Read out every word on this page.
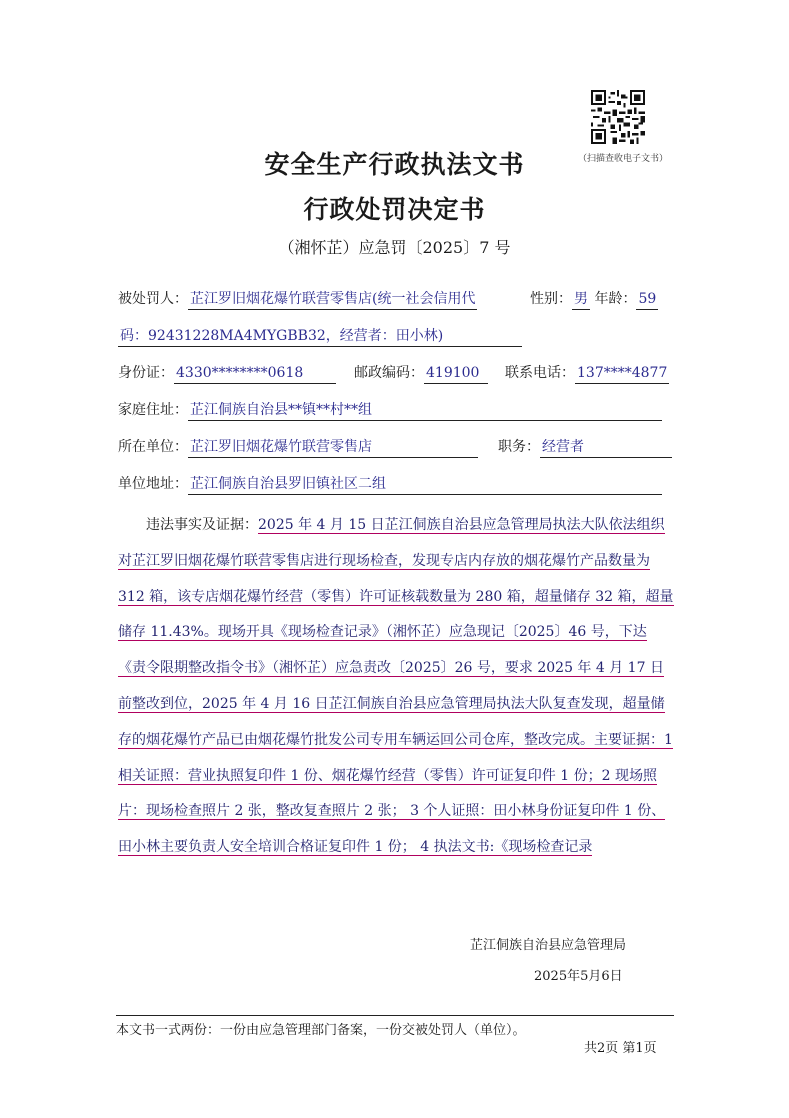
（扫描查收电子文书）
安全生产行政执法文书
行政处罚决定书
（湘怀芷）应急罚〔2025〕7 号
被处罚人： 芷江罗旧烟花爆竹联营零售店(统一社会信用代	性别： 男 年龄： 59
码：92431228MA4MYGBB32，经营者：田小林)
身份证： 4330********0618	邮政编码： 419100	联系电话： 137****4877
家庭住址： 芷江侗族自治县**镇**村**组
所在单位： 芷江罗旧烟花爆竹联营零售店	职务： 经营者
单位地址： 芷江侗族自治县罗旧镇社区二组
违法事实及证据：2025 年 4 月 15 日芷江侗族自治县应急管理局执法大队依法组织对芷江罗旧烟花爆竹联营零售店进行现场检查，发现专店内存放的烟花爆竹产品数量为 312 箱，该专店烟花爆竹经营（零售）许可证核载数量为 280 箱，超量储存 32 箱，超量储存 11.43%。现场开具《现场检查记录》（湘怀芷）应急现记〔2025〕46 号，下达《责令限期整改指令书》（湘怀芷）应急责改〔2025〕26 号，要求 2025 年 4 月 17 日前整改到位，2025 年 4 月 16 日芷江侗族自治县应急管理局执法大队复查发现，超量储存的烟花爆竹产品已由烟花爆竹批发公司专用车辆运回公司仓库，整改完成。主要证据：1 相关证照：营业执照复印件 1 份、烟花爆竹经营（零售）许可证复印件 1 份；2 现场照片：现场检查照片 2 张，整改复查照片 2 张； 3 个人证照：田小林身份证复印件 1 份、田小林主要负责人安全培训合格证复印件 1 份； 4 执法文书:《现场检查记录
芷江侗族自治县应急管理局
2025年5月6日
本文书一式两份：一份由应急管理部门备案，一份交被处罚人（单位）。
共2页 第1页
